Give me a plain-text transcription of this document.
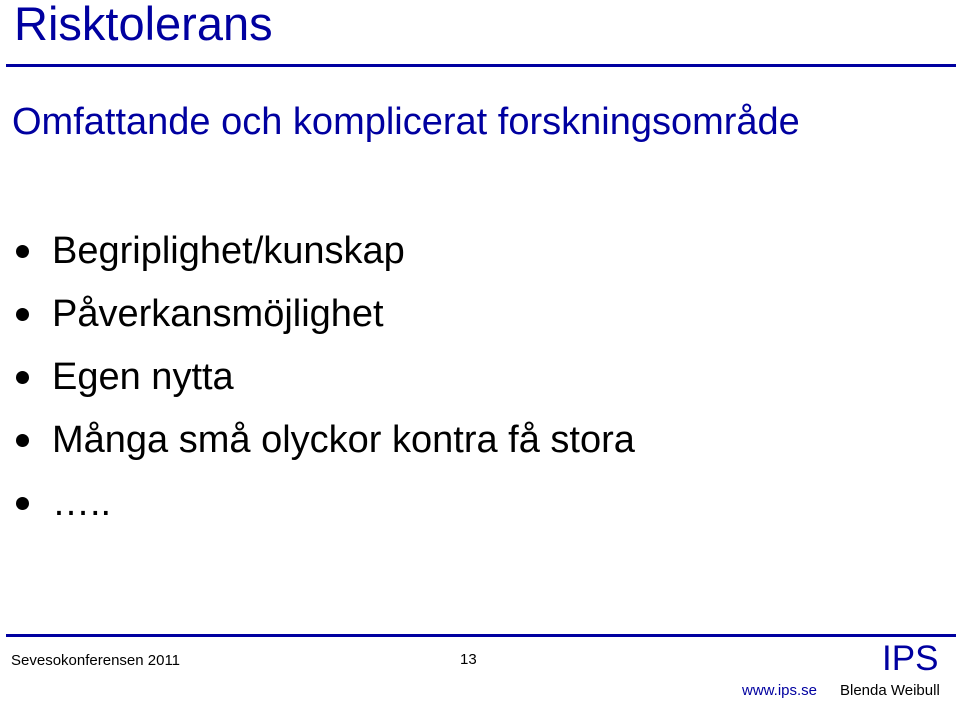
Risktolerans
Omfattande och komplicerat forskningsområde
Begriplighet/kunskap
Påverkansmöjlighet
Egen nytta
Många små olyckor kontra få stora
…..
Sevesokonferensen 2011	13	IPS
www.ips.se Blenda Weibull
